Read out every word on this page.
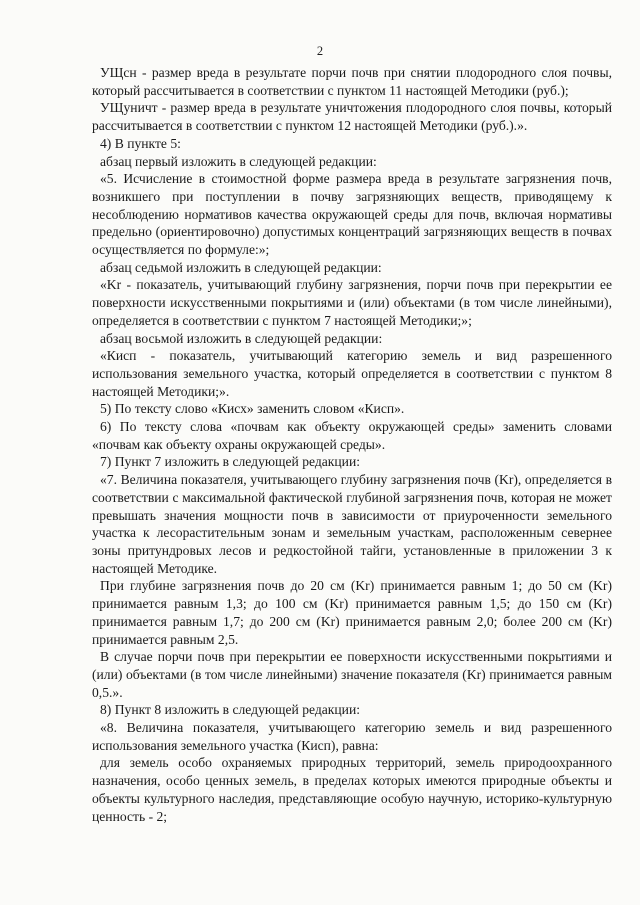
2

УЩсн - размер вреда в результате порчи почв при снятии плодородного слоя почвы, который рассчитывается в соответствии с пунктом 11 настоящей Методики (руб.);

УЩуничт - размер вреда в результате уничтожения плодородного слоя почвы, который рассчитывается в соответствии с пунктом 12 настоящей Методики (руб.).».

4) В пункте 5:

абзац первый изложить в следующей редакции:

«5. Исчисление в стоимостной форме размера вреда в результате загрязнения почв, возникшего при поступлении в почву загрязняющих веществ, приводящему к несоблюдению нормативов качества окружающей среды для почв, включая нормативы предельно (ориентировочно) допустимых концентраций загрязняющих веществ в почвах осуществляется по формуле:»;

абзац седьмой изложить в следующей редакции:

«Kr - показатель, учитывающий глубину загрязнения, порчи почв при перекрытии ее поверхности искусственными покрытиями и (или) объектами (в том числе линейными), определяется в соответствии с пунктом 7 настоящей Методики;»;

абзац восьмой изложить в следующей редакции:

«Кисп - показатель, учитывающий категорию земель и вид разрешенного использования земельного участка, который определяется в соответствии с пунктом 8 настоящей Методики;».

5) По тексту слово «Кисх» заменить словом «Кисп».

6) По тексту слова «почвам как объекту окружающей среды» заменить словами «почвам как объекту охраны окружающей среды».

7) Пункт 7 изложить в следующей редакции:

«7. Величина показателя, учитывающего глубину загрязнения почв (Kr), определяется в соответствии с максимальной фактической глубиной загрязнения почв, которая не может превышать значения мощности почв в зависимости от приуроченности земельного участка к лесорастительным зонам и земельным участкам, расположенным севернее зоны притундровых лесов и редкостойной тайги, установленные в приложении 3 к настоящей Методике.

При глубине загрязнения почв до 20 см (Kr) принимается равным 1; до 50 см (Kr) принимается равным 1,3; до 100 см (Kr) принимается равным 1,5; до 150 см (Kr) принимается равным 1,7; до 200 см (Kr) принимается равным 2,0; более 200 см (Kr) принимается равным 2,5.

В случае порчи почв при перекрытии ее поверхности искусственными покрытиями и (или) объектами (в том числе линейными) значение показателя (Kr) принимается равным 0,5.».

8) Пункт 8 изложить в следующей редакции:

«8. Величина показателя, учитывающего категорию земель и вид разрешенного использования земельного участка (Кисп), равна:

для земель особо охраняемых природных территорий, земель природоохранного назначения, особо ценных земель, в пределах которых имеются природные объекты и объекты культурного наследия, представляющие особую научную, историко-культурную ценность - 2;
